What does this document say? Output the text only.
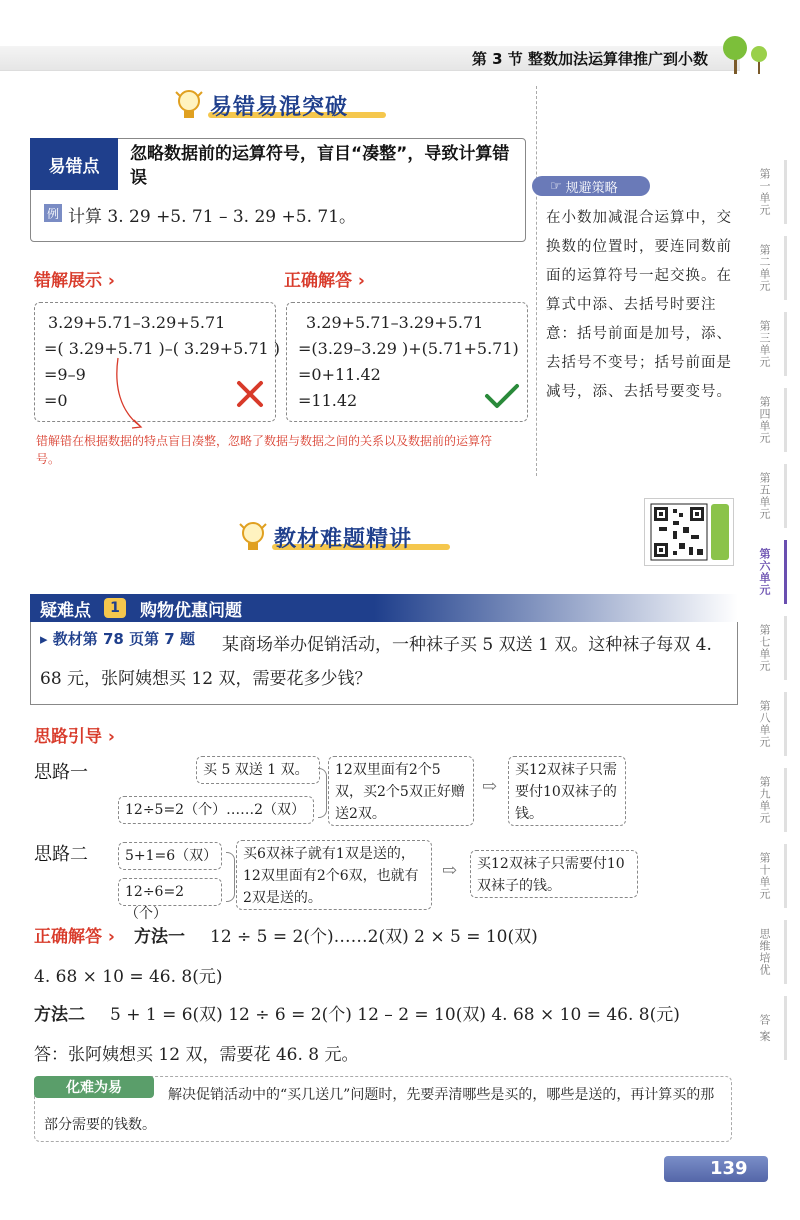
第 3 节 整数加法运算律推广到小数
易错易混突破
易错点
忽略数据前的运算符号，盲目“凑整”，导致计算错误
例 计算 3. 29 +5. 71 – 3. 29 +5. 71。
错解展示 ›	正确解答 ›
3.29+5.71–3.29+5.71
=( 3.29+5.71 )–( 3.29+5.71 )
=9–9
=0
3.29+5.71–3.29+5.71
=(3.29–3.29 )+(5.71+5.71)
=0+11.42
=11.42
错解错在根据数据的特点盲目凑整，忽略了数据与数据之间的关系以及数据前的运算符号。
☞ 规避策略
在小数加减混合运算中，交换数的位置时，要连同数前面的运算符号一起交换。在算式中添、去括号时要注意：括号前面是加号，添、去括号不变号；括号前面是减号，添、去括号要变号。
第一单元
第二单元
第三单元
第四单元
第五单元
第六单元
第七单元
第八单元
第九单元
第十单元
思维培优
答 案
教材难题精讲
疑难点	1	购物优惠问题
某商场举办促销活动，一种袜子买 5 双送 1 双。这种袜子每双 4. 68 元，张阿姨想买 12 双，需要花多少钱？
▸ 教材第 78 页第 7 题
思路引导 ›
思路一	买 5 双送 1 双。
12÷5=2（个）……2（双）
12双里面有2个5双，买2个5双正好赠送2双。
⇨
买12双袜子只需要付10双袜子的钱。
思路二	5+1=6（双）
12÷6=2（个）
买6双袜子就有1双是送的，12双里面有2个6双，也就有2双是送的。
⇨	买12双袜子只需要付10双袜子的钱。
正确解答 › 方法一 12 ÷ 5 = 2(个)……2(双) 2 × 5 = 10(双)
4. 68 × 10 = 46. 8(元)
方法二 5 + 1 = 6(双) 12 ÷ 6 = 2(个) 12 – 2 = 10(双) 4. 68 × 10 = 46. 8(元)
答：张阿姨想买 12 双，需要花 46. 8 元。
解决促销活动中的“买几送几”问题时，先要弄清哪些是买的，哪些是送的，再计算买的那部分需要的钱数。
化难为易
139
